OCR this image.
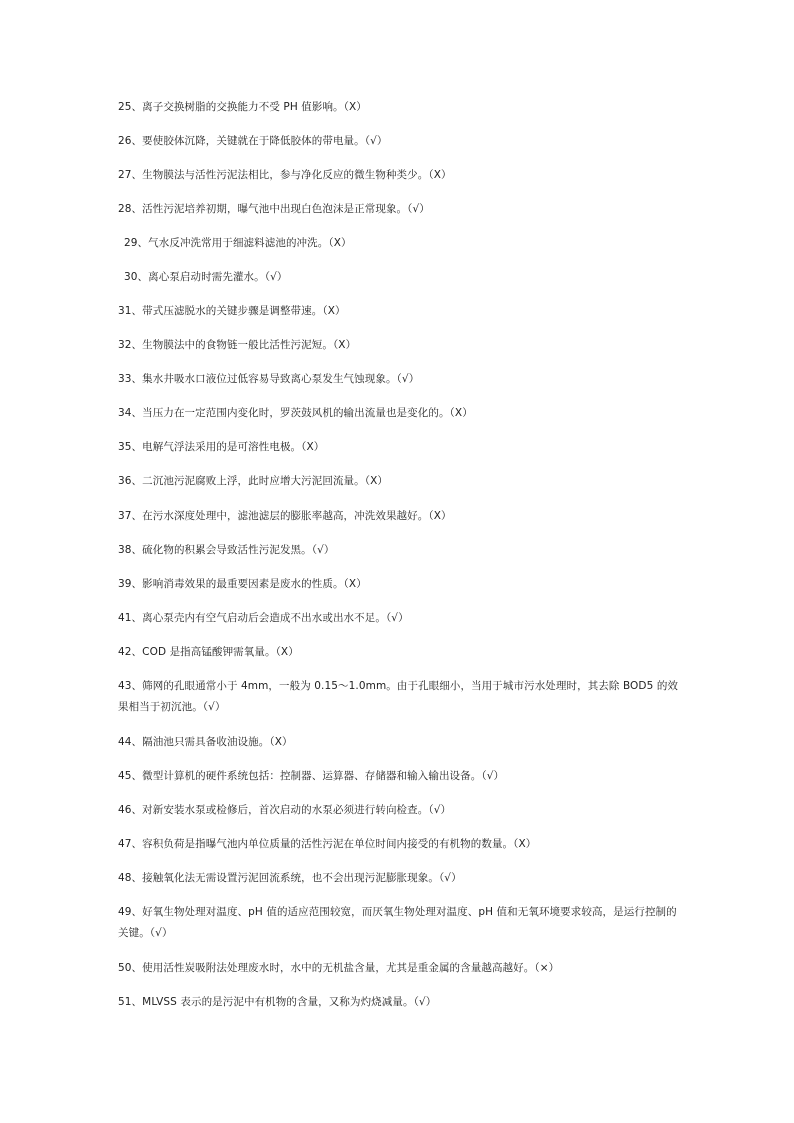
25、离子交换树脂的交换能力不受 PH 值影响。（X）
26、要使胶体沉降，关键就在于降低胶体的带电量。（√）
27、生物膜法与活性污泥法相比，参与净化反应的微生物种类少。（X）
28、活性污泥培养初期，曝气池中出现白色泡沫是正常现象。（√）
29、气水反冲洗常用于细滤料滤池的冲洗。（X）
30、离心泵启动时需先灌水。（√）
31、带式压滤脱水的关键步骤是调整带速。（X）
32、生物膜法中的食物链一般比活性污泥短。（X）
33、集水井吸水口液位过低容易导致离心泵发生气蚀现象。（√）
34、当压力在一定范围内变化时，罗茨鼓风机的输出流量也是变化的。（X）
35、电解气浮法采用的是可溶性电极。（X）
36、二沉池污泥腐败上浮，此时应增大污泥回流量。（X）
37、在污水深度处理中，滤池滤层的膨胀率越高，冲洗效果越好。（X）
38、硫化物的积累会导致活性污泥发黑。（√）
39、影响消毒效果的最重要因素是废水的性质。（X）
41、离心泵壳内有空气启动后会造成不出水或出水不足。（√）
42、COD 是指高锰酸钾需氧量。（X）
43、筛网的孔眼通常小于 4mm，一般为 0.15～1.0mm。由于孔眼细小，当用于城市污水处理时，其去除 BOD5 的效果相当于初沉池。（√）
44、隔油池只需具备收油设施。（X）
45、微型计算机的硬件系统包括：控制器、运算器、存储器和输入输出设备。（√）
46、对新安装水泵或检修后，首次启动的水泵必须进行转向检查。（√）
47、容积负荷是指曝气池内单位质量的活性污泥在单位时间内接受的有机物的数量。（X）
48、接触氧化法无需设置污泥回流系统，也不会出现污泥膨胀现象。（√）
49、好氧生物处理对温度、pH 值的适应范围较宽，而厌氧生物处理对温度、pH 值和无氧环境要求较高，是运行控制的关键。（√）
50、使用活性炭吸附法处理废水时，水中的无机盐含量，尤其是重金属的含量越高越好。（×）
51、MLVSS 表示的是污泥中有机物的含量，又称为灼烧减量。（√）
